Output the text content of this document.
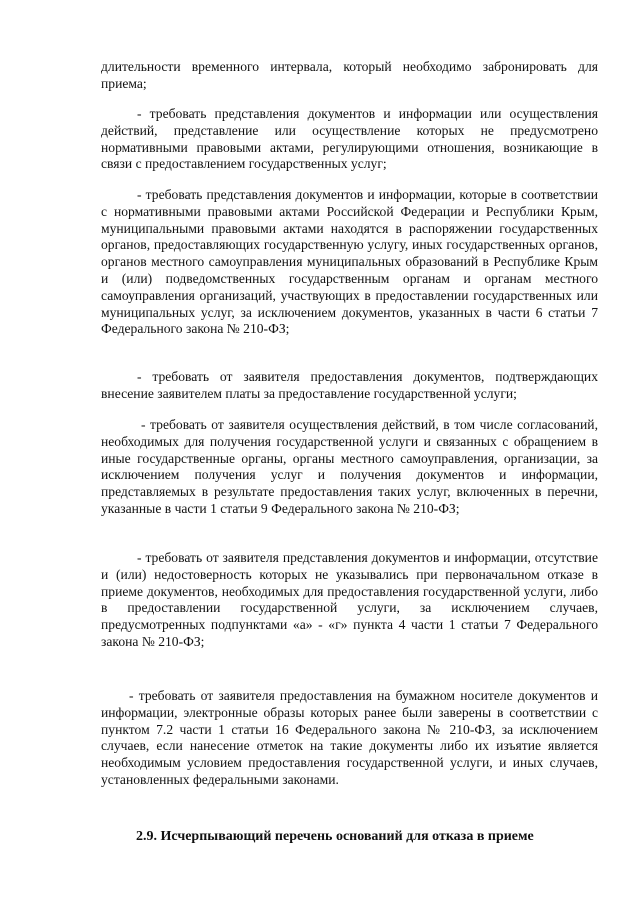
длительности временного интервала, который необходимо забронировать для приема;

- требовать представления документов и информации или осуществления действий, представление или осуществление которых не предусмотрено нормативными правовыми актами, регулирующими отношения, возникающие в связи с предоставлением государственных услуг;

- требовать представления документов и информации, которые в соответствии с нормативными правовыми актами Российской Федерации и Республики Крым, муниципальными правовыми актами находятся в распоряжении государственных органов, предоставляющих государственную услугу, иных государственных органов, органов местного самоуправления муниципальных образований в Республике Крым и (или) подведомственных государственным органам и органам местного самоуправления организаций, участвующих в предоставлении государственных или муниципальных услуг, за исключением документов, указанных в части 6 статьи 7 Федерального закона № 210-ФЗ;

- требовать от заявителя предоставления документов, подтверждающих внесение заявителем платы за предоставление государственной услуги;

- требовать от заявителя осуществления действий, в том числе согласований, необходимых для получения государственной услуги и связанных с обращением в иные государственные органы, органы местного самоуправления, организации, за исключением получения услуг и получения документов и информации, представляемых в результате предоставления таких услуг, включенных в перечни, указанные в части 1 статьи 9 Федерального закона № 210-ФЗ;

- требовать от заявителя представления документов и информации, отсутствие и (или) недостоверность которых не указывались при первоначальном отказе в приеме документов, необходимых для предоставления государственной услуги, либо в предоставлении государственной услуги, за исключением случаев, предусмотренных подпунктами «а» - «г» пункта 4 части 1 статьи 7 Федерального закона № 210-ФЗ;

- требовать от заявителя предоставления на бумажном носителе документов и информации, электронные образы которых ранее были заверены в соответствии с пунктом 7.2 части 1 статьи 16 Федерального закона № 210-ФЗ, за исключением случаев, если нанесение отметок на такие документы либо их изъятие является необходимым условием предоставления государственной услуги, и иных случаев, установленных федеральными законами.

2.9. Исчерпывающий перечень оснований для отказа в приеме
